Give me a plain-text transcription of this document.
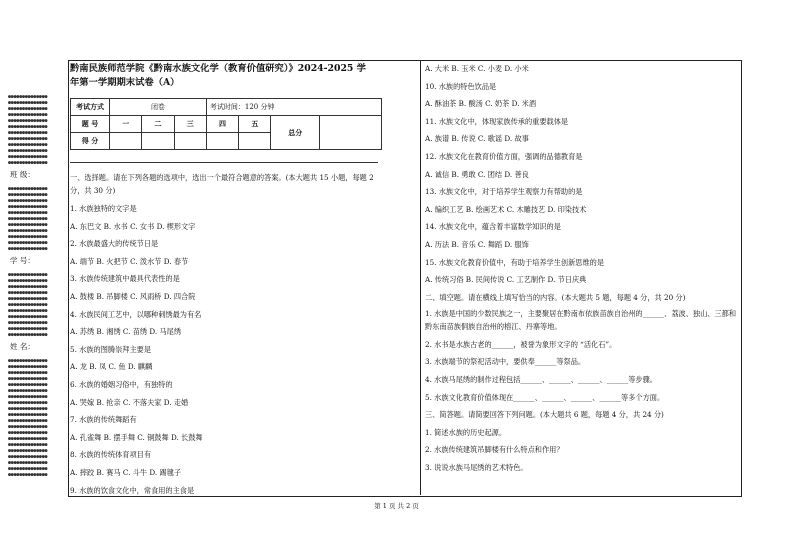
●●●●●●●●●●●●●●
●●●●●●●●●●●●●●
●●●●●●●●●●●●●●
●●●●●●●●●●●●●●
●●●●●●●●●●●●●●
●●●●●●●●●●●●●●
●●●●●●●●●●●●●●
●●●●●●●●●●●●●●
●●●●●●●●●●●●●●
●●●●●●●●●●●●●●
●●●●●●●●●●●●●●
●●●●●●●●●●●●●●
班 级：
●●●●●●●●●●●●●●
●●●●●●●●●●●●●●
●●●●●●●●●●●●●●
●●●●●●●●●●●●●●
●●●●●●●●●●●●●●
●●●●●●●●●●●●●●
●●●●●●●●●●●●●●
●●●●●●●●●●●●●●
●●●●●●●●●●●●●●
●●●●●●●●●●●●●●
●●●●●●●●●●●●●●
学 号：
●●●●●●●●●●●●●●
●●●●●●●●●●●●●●
●●●●●●●●●●●●●●
●●●●●●●●●●●●●●
●●●●●●●●●●●●●●
●●●●●●●●●●●●●●
●●●●●●●●●●●●●●
●●●●●●●●●●●●●●
●●●●●●●●●●●●●●
●●●●●●●●●●●●●●
●●●●●●●●●●●●●●
姓 名：
●●●●●●●●●●●●●●
●●●●●●●●●●●●●●
●●●●●●●●●●●●●●
●●●●●●●●●●●●●●
●●●●●●●●●●●●●●
●●●●●●●●●●●●●●
●●●●●●●●●●●●●●
●●●●●●●●●●●●●●
●●●●●●●●●●●●●●
●●●●●●●●●●●●●●
●●●●●●●●●●●●●●
●●●●●●●●●●●●●●
●●●●●●●●●●●●●●
●●●●●●●●●●●●●●
●●●●●●●●●●●●●●
●●●●●●●●●●●●●●
●●●●●●●●●●●●●●
●●●●●●●●●●●●●●
●●●●●●●●●●●●●●
●●●●●●●●●●●●●●
黔南民族师范学院《黔南水族文化学（教育价值研究）》2024-2025 学
年第一学期期末试卷（A）
考试方式	闭卷			考试时间：120 分钟			
题 号	一	二	三	四	五	总分	
得 分							
一、选择题。请在下列各题的选项中，选出一个最符合题意的答案。(本大题共 15 小题，每题 2 分，共 30 分)
1. 水族独特的文字是
A. 东巴文 B. 水书 C. 女书 D. 楔形文字
2. 水族最盛大的传统节日是
A. 端节 B. 火把节 C. 泼水节 D. 春节
3. 水族传统建筑中最具代表性的是
A. 鼓楼 B. 吊脚楼 C. 风雨桥 D. 四合院
4. 水族民间工艺中，以哪种刺绣最为有名
A. 苏绣 B. 湘绣 C. 苗绣 D. 马尾绣
5. 水族的图腾崇拜主要是
A. 龙 B. 凤 C. 鱼 D. 麒麟
6. 水族的婚姻习俗中，有独特的
A. 哭嫁 B. 抢亲 C. 不落夫家 D. 走婚
7. 水族的传统舞蹈有
A. 孔雀舞 B. 摆手舞 C. 铜鼓舞 D. 长鼓舞
8. 水族的传统体育项目有
A. 摔跤 B. 赛马 C. 斗牛 D. 踢毽子
9. 水族的饮食文化中，常食用的主食是
A. 大米 B. 玉米 C. 小麦 D. 小米
10. 水族的特色饮品是
A. 酥油茶 B. 酸汤 C. 奶茶 D. 米酒
11. 水族文化中，体现家族传承的重要载体是
A. 族谱 B. 传说 C. 歌谣 D. 故事
12. 水族文化在教育价值方面，强调的品德教育是
A. 诚信 B. 勇敢 C. 团结 D. 善良
13. 水族文化中，对于培养学生观察力有帮助的是
A. 编织工艺 B. 绘画艺术 C. 木雕技艺 D. 印染技术
14. 水族文化中，蕴含着丰富数学知识的是
A. 历法 B. 音乐 C. 舞蹈 D. 服饰
15. 水族文化教育价值中，有助于培养学生创新思维的是
A. 传统习俗 B. 民间传说 C. 工艺制作 D. 节日庆典
二、填空题。请在横线上填写恰当的内容。(本大题共 5 题，每题 4 分，共 20 分)
1. 水族是中国的少数民族之一，主要聚居在黔南布依族苗族自治州的______、荔波、独山、三都和黔东南苗族侗族自治州的榕江、丹寨等地。
2. 水书是水族古老的______，被誉为象形文字的 “活化石”。
3. 水族端节的祭祀活动中，要供奉______等祭品。
4. 水族马尾绣的制作过程包括______、______、______、______等步骤。
5. 水族文化教育价值体现在______、______、______、______等多个方面。
三、简答题。请简要回答下列问题。(本大题共 6 题，每题 4 分，共 24 分)
1. 简述水族的历史起源。
2. 水族传统建筑吊脚楼有什么特点和作用？
3. 说说水族马尾绣的艺术特色。
第 1 页 共 2 页
